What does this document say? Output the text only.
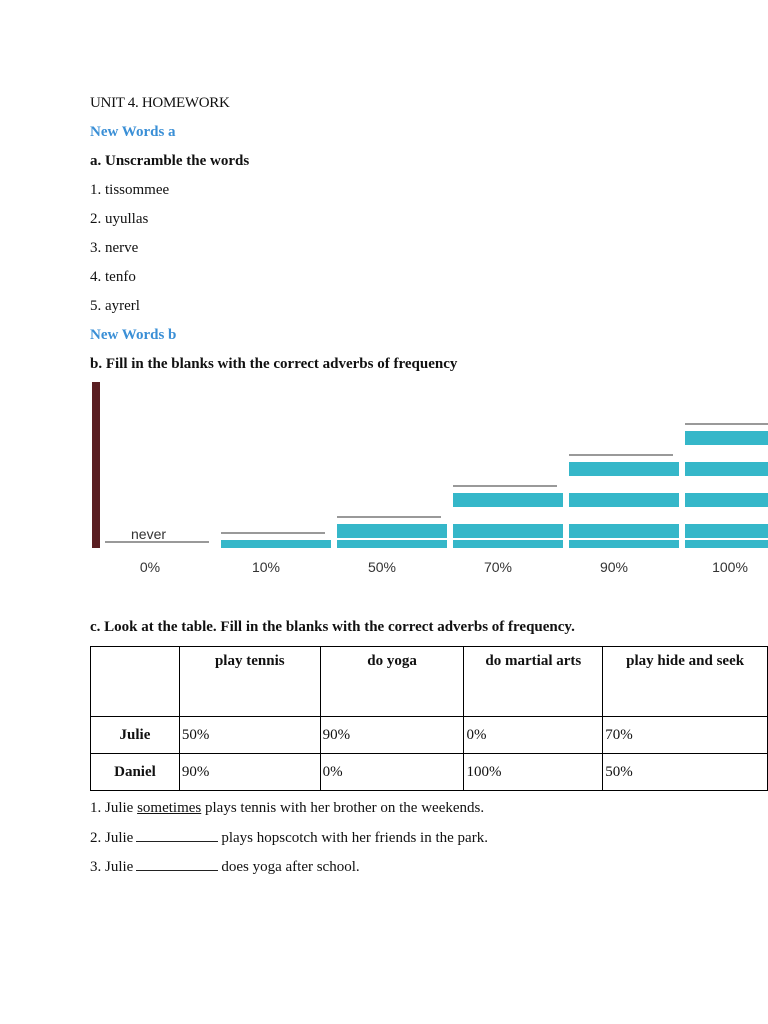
UNIT 4. HOMEWORK
New Words a
a. Unscramble the words
1. tissommee
2. uyullas
3. nerve
4. tenfo
5. ayrerl
New Words b
b. Fill in the blanks with the correct adverbs of frequency
never
0%	10%	50%	70%	90%	100%
c. Look at the table. Fill in the blanks with the correct adverbs of frequency.
	play tennis	do yoga	do martial arts	play hide and seek
Julie	50%	90%	0%	70%
Daniel	90%	0%	100%	50%
1. Julie sometimes plays tennis with her brother on the weekends.
2. Julie	plays hopscotch with her friends in the park.
3. Julie	does yoga after school.
